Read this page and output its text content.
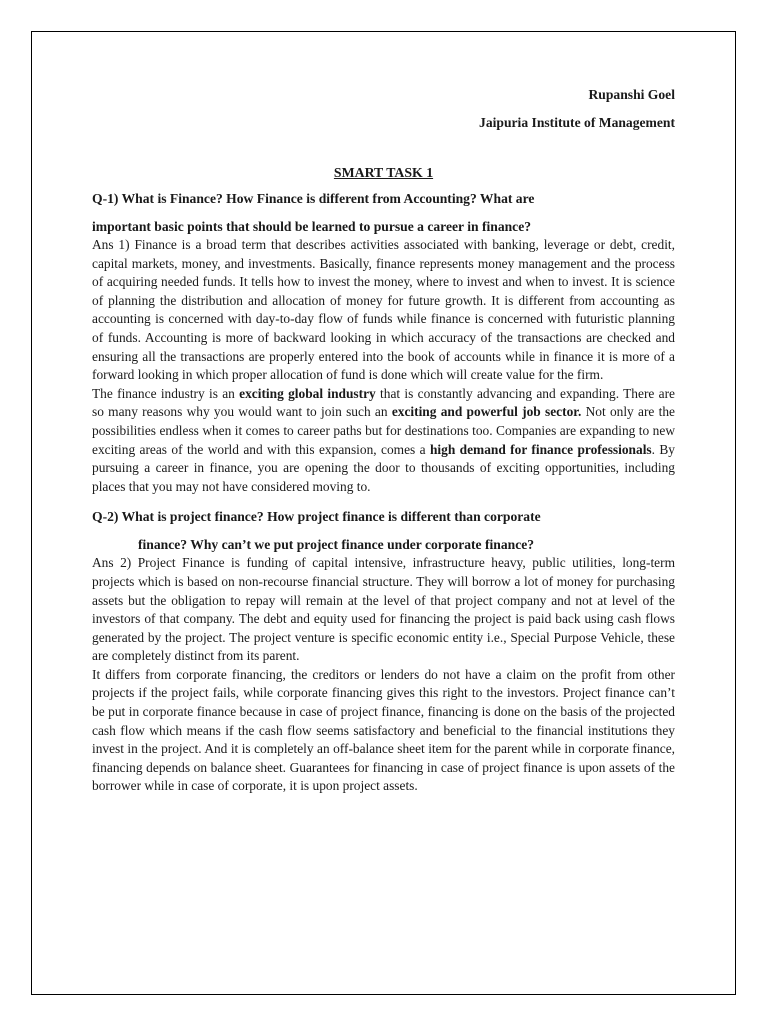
Rupanshi Goel

Jaipuria Institute of Management

SMART TASK 1

Q-1) What is Finance? How Finance is different from Accounting? What are

important basic points that should be learned to pursue a career in finance?

Ans 1) Finance is a broad term that describes activities associated with banking, leverage or debt, credit, capital markets, money, and investments. Basically, finance represents money management and the process of acquiring needed funds. It tells how to invest the money, where to invest and when to invest. It is science of planning the distribution and allocation of money for future growth. It is different from accounting as accounting is concerned with day-to-day flow of funds while finance is concerned with futuristic planning of funds. Accounting is more of backward looking in which accuracy of the transactions are checked and ensuring all the transactions are properly entered into the book of accounts while in finance it is more of a forward looking in which proper allocation of fund is done which will create value for the firm.

The finance industry is an exciting global industry that is constantly advancing and expanding. There are so many reasons why you would want to join such an exciting and powerful job sector. Not only are the possibilities endless when it comes to career paths but for destinations too. Companies are expanding to new exciting areas of the world and with this expansion, comes a high demand for finance professionals. By pursuing a career in finance, you are opening the door to thousands of exciting opportunities, including places that you may not have considered moving to.

Q-2) What is project finance? How project finance is different than corporate

finance? Why can’t we put project finance under corporate finance?

Ans 2) Project Finance is funding of capital intensive, infrastructure heavy, public utilities, long-term projects which is based on non-recourse financial structure. They will borrow a lot of money for purchasing assets but the obligation to repay will remain at the level of that project company and not at level of the investors of that company. The debt and equity used for financing the project is paid back using cash flows generated by the project. The project venture is specific economic entity i.e., Special Purpose Vehicle, these are completely distinct from its parent.

It differs from corporate financing, the creditors or lenders do not have a claim on the profit from other projects if the project fails, while corporate financing gives this right to the investors. Project finance can’t be put in corporate finance because in case of project finance, financing is done on the basis of the projected cash flow which means if the cash flow seems satisfactory and beneficial to the financial institutions they invest in the project. And it is completely an off-balance sheet item for the parent while in corporate finance, financing depends on balance sheet. Guarantees for financing in case of project finance is upon assets of the borrower while in case of corporate, it is upon project assets.
